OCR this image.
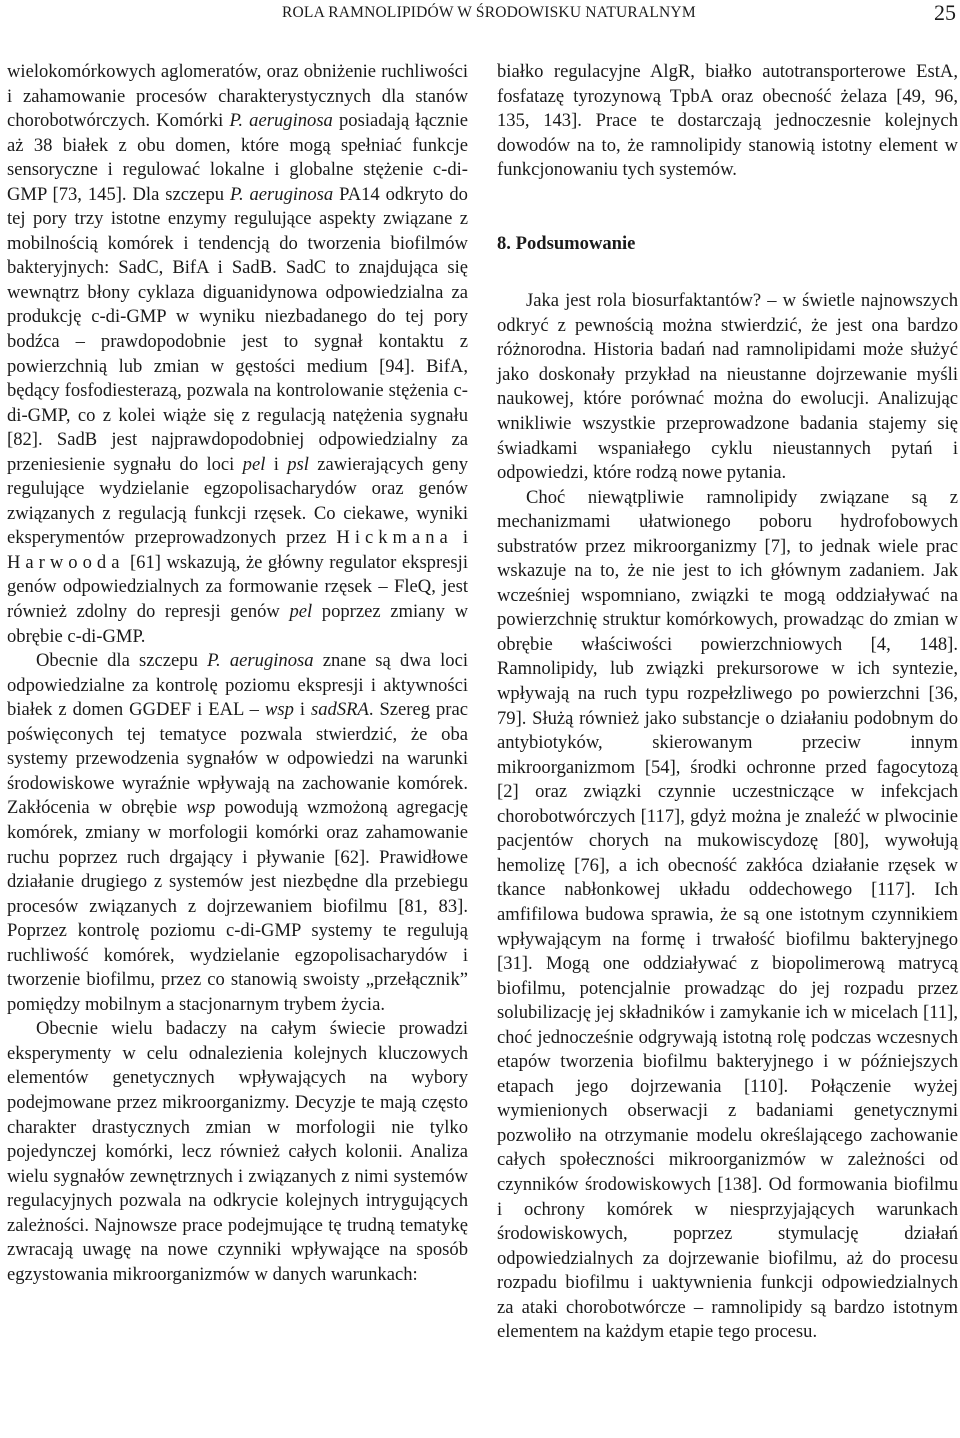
ROLA RAMNOLIPIDÓW W ŚRODOWISKU NATURALNYM	25

wielokomórkowych aglomeratów, oraz obniżenie ruchliwości i zahamowanie procesów charakterystycznych dla stanów chorobotwórczych. Komórki P. aeruginosa posiadają łącznie aż 38 białek z obu domen, które mogą spełniać funkcje sensoryczne i regulować lokalne i globalne stężenie c-di-GMP [73, 145]. Dla szczepu P. aeruginosa PA14 odkryto do tej pory trzy istotne enzymy regulujące aspekty związane z mobilnością komórek i tendencją do tworzenia biofilmów bakteryjnych: SadC, BifA i SadB. SadC to znajdująca się wewnątrz błony cyklaza diguanidynowa odpowiedzialna za produkcję c-di-GMP w wyniku niezbadanego do tej pory bodźca – prawdopodobnie jest to sygnał kontaktu z powierzchnią lub zmian w gęstości medium [94]. BifA, będący fosfodiesterazą, pozwala na kontrolowanie stężenia c-di-GMP, co z kolei wiąże się z regulacją natężenia sygnału [82]. SadB jest najprawdopodobniej odpowiedzialny za przeniesienie sygnału do loci pel i psl zawierających geny regulujące wydzielanie egzopolisacharydów oraz genów związanych z regulacją funkcji rzęsek. Co ciekawe, wyniki eksperymentów przeprowadzonych przez Hickmana i Harwooda [61] wskazują, że główny regulator ekspresji genów odpowiedzialnych za formowanie rzęsek – FleQ, jest również zdolny do represji genów pel poprzez zmiany w obrębie c-di-GMP.

Obecnie dla szczepu P. aeruginosa znane są dwa loci odpowiedzialne za kontrolę poziomu ekspresji i aktywności białek z domen GGDEF i EAL – wsp i sadSRA. Szereg prac poświęconych tej tematyce pozwala stwierdzić, że oba systemy przewodzenia sygnałów w odpowiedzi na warunki środowiskowe wyraźnie wpływają na zachowanie komórek. Zakłócenia w obrębie wsp powodują wzmożoną agregację komórek, zmiany w morfologii komórki oraz zahamowanie ruchu poprzez ruch drgający i pływanie [62]. Prawidłowe działanie drugiego z systemów jest niezbędne dla przebiegu procesów związanych z dojrzewaniem biofilmu [81, 83]. Poprzez kontrolę poziomu c-di-GMP systemy te regulują ruchliwość komórek, wydzielanie egzopolisacharydów i tworzenie biofilmu, przez co stanowią swoisty „przełącznik” pomiędzy mobilnym a stacjonarnym trybem życia.

Obecnie wielu badaczy na całym świecie prowadzi eksperymenty w celu odnalezienia kolejnych kluczowych elementów genetycznych wpływających na wybory podejmowane przez mikroorganizmy. Decyzje te mają często charakter drastycznych zmian w morfologii nie tylko pojedynczej komórki, lecz również całych kolonii. Analiza wielu sygnałów zewnętrznych i związanych z nimi systemów regulacyjnych pozwala na odkrycie kolejnych intrygujących zależności. Najnowsze prace podejmujące tę trudną tematykę zwracają uwagę na nowe czynniki wpływające na sposób egzystowania mikroorganizmów w danych warunkach:

białko regulacyjne AlgR, białko autotransporterowe EstA, fosfatazę tyrozynową TpbA oraz obecność żelaza [49, 96, 135, 143]. Prace te dostarczają jednoczesnie kolejnych dowodów na to, że ramnolipidy stanowią istotny element w funkcjonowaniu tych systemów.

8. Podsumowanie

Jaka jest rola biosurfaktantów? – w świetle najnowszych odkryć z pewnością można stwierdzić, że jest ona bardzo różnorodna. Historia badań nad ramnolipidami może służyć jako doskonały przykład na nieustanne dojrzewanie myśli naukowej, które porównać można do ewolucji. Analizując wnikliwie wszystkie przeprowadzone badania stajemy się świadkami wspaniałego cyklu nieustannych pytań i odpowiedzi, które rodzą nowe pytania.

Choć niewątpliwie ramnolipidy związane są z mechanizmami ułatwionego poboru hydrofobowych substratów przez mikroorganizmy [7], to jednak wiele prac wskazuje na to, że nie jest to ich głównym zadaniem. Jak wcześniej wspomniano, związki te mogą oddziaływać na powierzchnię struktur komórkowych, prowadząc do zmian w obrębie właściwości powierzchniowych [4, 148]. Ramnolipidy, lub związki prekursorowe w ich syntezie, wpływają na ruch typu rozpełzliwego po powierzchni [36, 79]. Służą również jako substancje o działaniu podobnym do antybiotyków, skierowanym przeciw innym mikroorganizmom [54], środki ochronne przed fagocytozą [2] oraz związki czynnie uczestniczące w infekcjach chorobotwórczych [117], gdyż można je znaleźć w plwocinie pacjentów chorych na mukowiscydozę [80], wywołują hemolizę [76], a ich obecność zakłóca działanie rzęsek w tkance nabłonkowej układu oddechowego [117]. Ich amfifilowa budowa sprawia, że są one istotnym czynnikiem wpływającym na formę i trwałość biofilmu bakteryjnego [31]. Mogą one oddziaływać z biopolimerową matrycą biofilmu, potencjalnie prowadząc do jej rozpadu przez solubilizację jej składników i zamykanie ich w micelach [11], choć jednocześnie odgrywają istotną rolę podczas wczesnych etapów tworzenia biofilmu bakteryjnego i w późniejszych etapach jego dojrzewania [110]. Połączenie wyżej wymienionych obserwacji z badaniami genetycznymi pozwoliło na otrzymanie modelu określającego zachowanie całych społeczności mikroorganizmów w zależności od czynników środowiskowych [138]. Od formowania biofilmu i ochrony komórek w niesprzyjających warunkach środowiskowych, poprzez stymulację działań odpowiedzialnych za dojrzewanie biofilmu, aż do procesu rozpadu biofilmu i uaktywnienia funkcji odpowiedzialnych za ataki chorobotwórcze – ramnolipidy są bardzo istotnym elementem na każdym etapie tego procesu.
